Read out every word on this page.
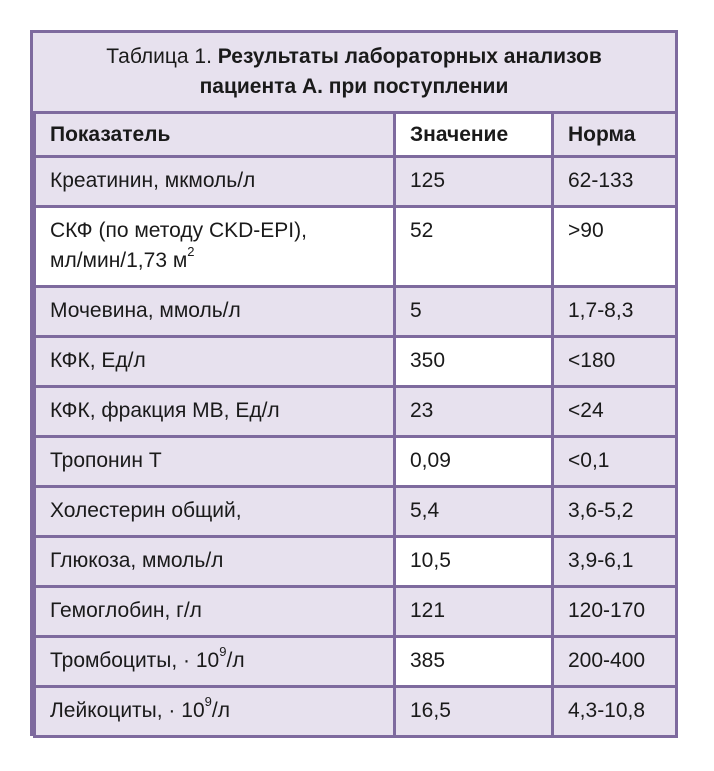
Таблица 1. Результаты лабораторных анализов
пациента А. при поступлении
Показатель	Значение	Норма
Креатинин, мкмоль/л	125	62-133
СКФ (по методу CKD-EPI),
мл/мин/1,73 $м^2$	52	>90
Мочевина, ммоль/л	5	1,7-8,3
КФК, Ед/л	350	<180
КФК, фракция МВ, Ед/л	23	<24
Тропонин Т	0,09	<0,1

Холестерин общий,	5,4	3,6-5,2
Глюкоза, ммоль/л	10,5	3,9-6,1
Гемоглобин, г/л	121	120-170
Тромбоциты, · $10^9/л$	385	200-400
Лейкоциты, · $10^9/л$	16,5	4,3-10,8
